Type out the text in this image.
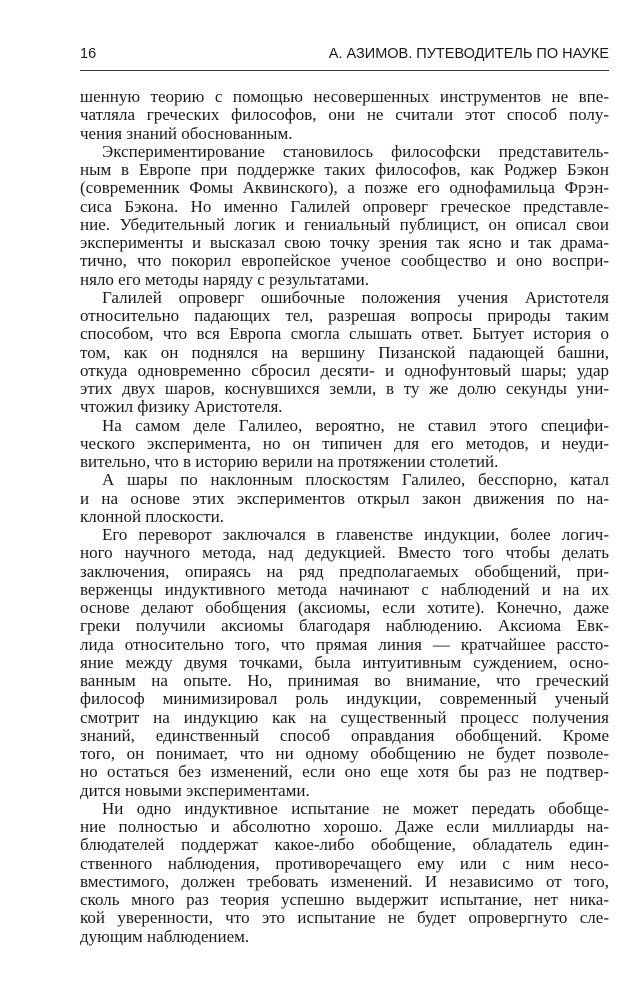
16	А. АЗИМОВ. ПУТЕВОДИТЕЛЬ ПО НАУКЕ
шенную теорию с помощью несовершенных инструментов не впе-
чатляла греческих философов, они не считали этот способ полу-
чения знаний обоснованным.
Экспериментирование становилось философски представитель-
ным в Европе при поддержке таких философов, как Роджер Бэкон
(современник Фомы Аквинского), а позже его однофамильца Фрэн-
сиса Бэкона. Но именно Галилей опроверг греческое представле-
ние. Убедительный логик и гениальный публицист, он описал свои
эксперименты и высказал свою точку зрения так ясно и так драма-
тично, что покорил европейское ученое сообщество и оно воспри-
няло его методы наряду с результатами.
Галилей опроверг ошибочные положения учения Аристотеля
относительно падающих тел, разрешая вопросы природы таким
способом, что вся Европа смогла слышать ответ. Бытует история о
том, как он поднялся на вершину Пизанской падающей башни,
откуда одновременно сбросил десяти- и однофунтовый шары; удар
этих двух шаров, коснувшихся земли, в ту же долю секунды уни-
чтожил физику Аристотеля.
На самом деле Галилео, вероятно, не ставил этого специфи-
ческого эксперимента, но он типичен для его методов, и неуди-
вительно, что в историю верили на протяжении столетий.
А шары по наклонным плоскостям Галилео, бесспорно, катал
и на основе этих экспериментов открыл закон движения по на-
клонной плоскости.
Его переворот заключался в главенстве индукции, более логич-
ного научного метода, над дедукцией. Вместо того чтобы делать
заключения, опираясь на ряд предполагаемых обобщений, при-
верженцы индуктивного метода начинают с наблюдений и на их
основе делают обобщения (аксиомы, если хотите). Конечно, даже
греки получили аксиомы благодаря наблюдению. Аксиома Евк-
лида относительно того, что прямая линия — кратчайшее рассто-
яние между двумя точками, была интуитивным суждением, осно-
ванным на опыте. Но, принимая во внимание, что греческий
философ минимизировал роль индукции, современный ученый
смотрит на индукцию как на существенный процесс получения
знаний, единственный способ оправдания обобщений. Кроме
того, он понимает, что ни одному обобщению не будет позволе-
но остаться без изменений, если оно еще хотя бы раз не подтвер-
дится новыми экспериментами.
Ни одно индуктивное испытание не может передать обобще-
ние полностью и абсолютно хорошо. Даже если миллиарды на-
блюдателей поддержат какое-либо обобщение, обладатель един-
ственного наблюдения, противоречащего ему или с ним несо-
вместимого, должен требовать изменений. И независимо от того,
сколь много раз теория успешно выдержит испытание, нет ника-
кой уверенности, что это испытание не будет опровергнуто сле-
дующим наблюдением.
